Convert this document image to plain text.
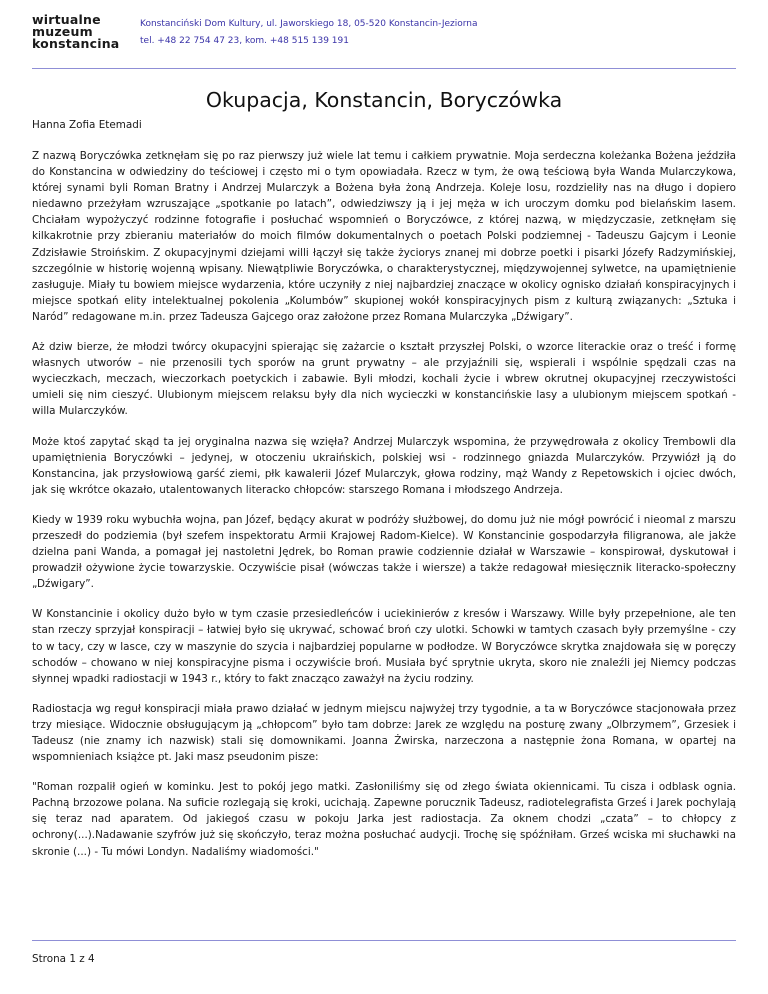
wirtualne
muzeum
konstancina
Konstanciński Dom Kultury, ul. Jaworskiego 18, 05-520 Konstancin-Jeziorna
tel. +48 22 754 47 23, kom. +48 515 139 191
Okupacja, Konstancin, Boryczówka

Hanna Zofia Etemadi

Z nazwą Boryczówka zetknęłam się po raz pierwszy już wiele lat temu i całkiem prywatnie. Moja serdeczna koleżanka Bożena jeździła do Konstancina w odwiedziny do teściowej i często mi o tym opowiadała. Rzecz w tym, że ową teściową była Wanda Mularczykowa, której synami byli Roman Bratny i Andrzej Mularczyk a Bożena była żoną Andrzeja. Koleje losu, rozdzieliły nas na długo i dopiero niedawno przeżyłam wzruszające „spotkanie po latach”, odwiedziwszy ją i jej męża w ich uroczym domku pod bielańskim lasem. Chciałam wypożyczyć rodzinne fotografie i posłuchać wspomnień o Boryczówce, z której nazwą, w międzyczasie, zetknęłam się kilkakrotnie przy zbieraniu materiałów do moich filmów dokumentalnych o poetach Polski podziemnej - Tadeuszu Gajcym i Leonie Zdzisławie Stroińskim. Z okupacyjnymi dziejami willi łączył się także życiorys znanej mi dobrze poetki i pisarki Józefy Radzymińskiej, szczególnie w historię wojenną wpisany. Niewątpliwie Boryczówka, o charakterystycznej, międzywojennej sylwetce, na upamiętnienie zasługuje. Miały tu bowiem miejsce wydarzenia, które uczyniły z niej najbardziej znaczące w okolicy ognisko działań konspiracyjnych i miejsce spotkań elity intelektualnej pokolenia „Kolumbów” skupionej wokół konspiracyjnych pism z kulturą związanych: „Sztuka i Naród” redagowane m.in. przez Tadeusza Gajcego oraz założone przez Romana Mularczyka „Dźwigary”.

Aż dziw bierze, że młodzi twórcy okupacyjni spierając się zażarcie o kształt przyszłej Polski, o wzorce literackie oraz o treść i formę własnych utworów – nie przenosili tych sporów na grunt prywatny – ale przyjaźnili się, wspierali i wspólnie spędzali czas na wycieczkach, meczach, wieczorkach poetyckich i zabawie. Byli młodzi, kochali życie i wbrew okrutnej okupacyjnej rzeczywistości umieli się nim cieszyć. Ulubionym miejscem relaksu były dla nich wycieczki w konstancińskie lasy a ulubionym miejscem spotkań - willa Mularczyków.

Może ktoś zapytać skąd ta jej oryginalna nazwa się wzięła? Andrzej Mularczyk wspomina, że przywędrowała z okolicy Trembowli dla upamiętnienia Boryczówki – jedynej, w otoczeniu ukraińskich, polskiej wsi - rodzinnego gniazda Mularczyków. Przywiózł ją do Konstancina, jak przysłowiową garść ziemi, płk kawalerii Józef Mularczyk, głowa rodziny, mąż Wandy z Repetowskich i ojciec dwóch, jak się wkrótce okazało, utalentowanych literacko chłopców: starszego Romana i młodszego Andrzeja.

Kiedy w 1939 roku wybuchła wojna, pan Józef, będący akurat w podróży służbowej, do domu już nie mógł powrócić i nieomal z marszu przeszedł do podziemia (był szefem inspektoratu Armii Krajowej Radom-Kielce). W Konstancinie gospodarzyła filigranowa, ale jakże dzielna pani Wanda, a pomagał jej nastoletni Jędrek, bo Roman prawie codziennie działał w Warszawie – konspirował, dyskutował i prowadził ożywione życie towarzyskie. Oczywiście pisał (wówczas także i wiersze) a także redagował miesięcznik literacko-społeczny „Dźwigary”.

W Konstancinie i okolicy dużo było w tym czasie przesiedleńców i uciekinierów z kresów i Warszawy. Wille były przepełnione, ale ten stan rzeczy sprzyjał konspiracji – łatwiej było się ukrywać, schować broń czy ulotki. Schowki w tamtych czasach były przemyślne - czy to w tacy, czy w lasce, czy w maszynie do szycia i najbardziej popularne w podłodze. W Boryczówce skrytka znajdowała się w poręczy schodów – chowano w niej konspiracyjne pisma i oczywiście broń. Musiała być sprytnie ukryta, skoro nie znaleźli jej Niemcy podczas słynnej wpadki radiostacji w 1943 r., który to fakt znacząco zaważył na życiu rodziny.

Radiostacja wg reguł konspiracji miała prawo działać w jednym miejscu najwyżej trzy tygodnie, a ta w Boryczówce stacjonowała przez trzy miesiące. Widocznie obsługującym ją „chłopcom” było tam dobrze: Jarek ze względu na posturę zwany „Olbrzymem”, Grzesiek i Tadeusz (nie znamy ich nazwisk) stali się domownikami. Joanna Żwirska, narzeczona a następnie żona Romana, w opartej na wspomnieniach książce pt. Jaki masz pseudonim pisze:

"Roman rozpalił ogień w kominku. Jest to pokój jego matki. Zasłoniliśmy się od złego świata okiennicami. Tu cisza i odblask ognia. Pachną brzozowe polana. Na suficie rozlegają się kroki, ucichają. Zapewne porucznik Tadeusz, radiotelegrafista Grześ i Jarek pochylają się teraz nad aparatem. Od jakiegoś czasu w pokoju Jarka jest radiostacja. Za oknem chodzi „czata” – to chłopcy z ochrony(...).Nadawanie szyfrów już się skończyło, teraz można posłuchać audycji. Trochę się spóźniłam. Grześ wciska mi słuchawki na skronie (...) - Tu mówi Londyn. Nadaliśmy wiadomości."

Strona 1 z 4
